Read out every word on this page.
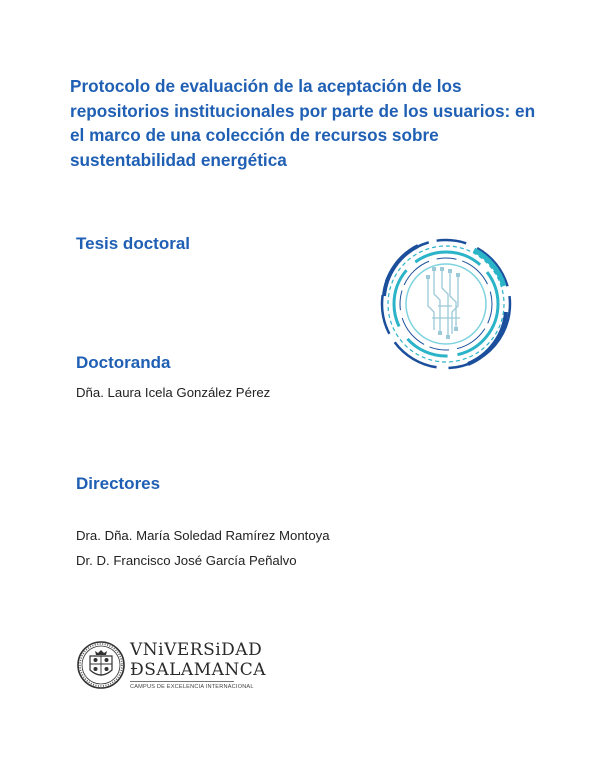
Protocolo de evaluación de la aceptación de los
repositorios institucionales por parte de los usuarios: en
el marco de una colección de recursos sobre
sustentabilidad energética
Tesis doctoral
Doctoranda

Dña. Laura Icela González Pérez

Directores

Dra. Dña. María Soledad Ramírez Montoya

Dr. D. Francisco José García Peñalvo

VNiVERSiDAD
ÐSALAMANCA
CAMPUS DE EXCELENCIA INTERNACIONAL
